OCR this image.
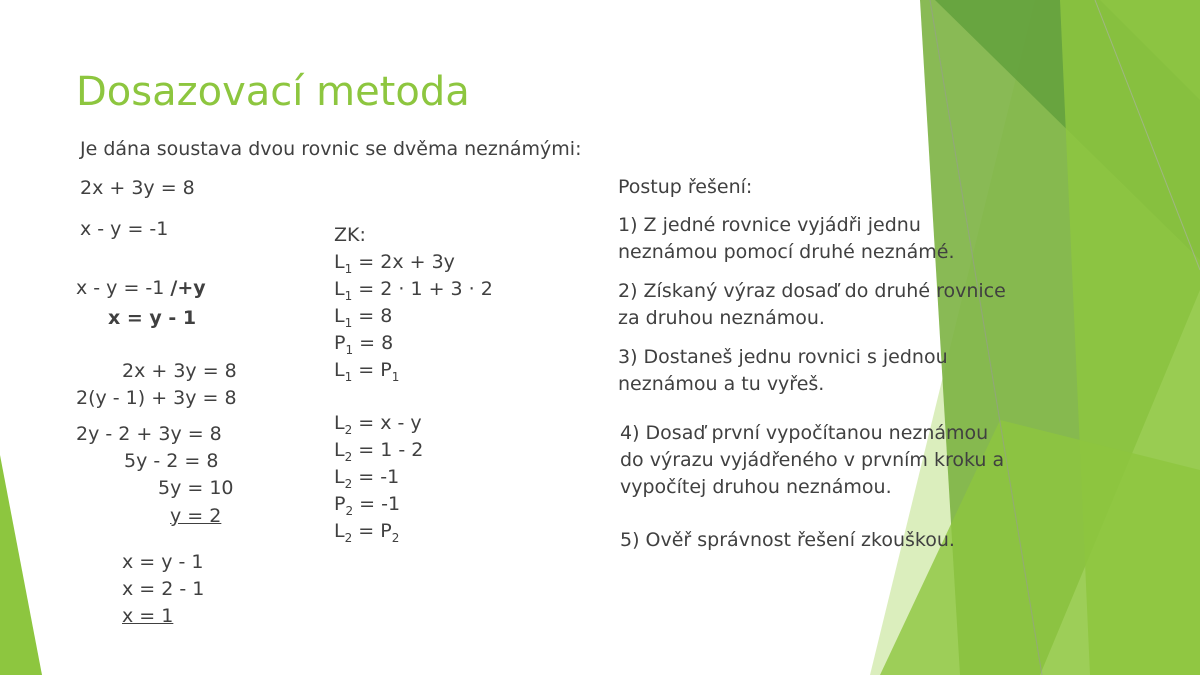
Dosazovací metoda
Je dána soustava dvou rovnic se dvěma neznámými:
2x + 3y = 8
x - y = -1
x - y = -1 /+y
x = y - 1
2x + 3y = 8
2(y - 1) + 3y = 8
2y - 2 + 3y = 8
5y - 2 = 8
5y = 10
y = 2
x = y - 1
x = 2 - 1
x = 1
ZK:
$L_1 = 2x + 3y$
$L_1 = 2 \cdot 1 + 3 \cdot 2$
$L_1 = 8$
$P_1 = 8$
$L_1 = P_1$
$L_2 = x - y$
$L_2 = 1 - 2$
$L_2 = -1$
$P_2 = -1$
$L_2 = P_2$
Postup řešení:
1) Z jedné rovnice vyjádři jednu
neznámou pomocí druhé neznámé.
2) Získaný výraz dosaď do druhé rovnice
za druhou neznámou.
3) Dostaneš jednu rovnici s jednou
neznámou a tu vyřeš.
4) Dosaď první vypočítanou neznámou
do výrazu vyjádřeného v prvním kroku a
vypočítej druhou neznámou.
5) Ověř správnost řešení zkouškou.
